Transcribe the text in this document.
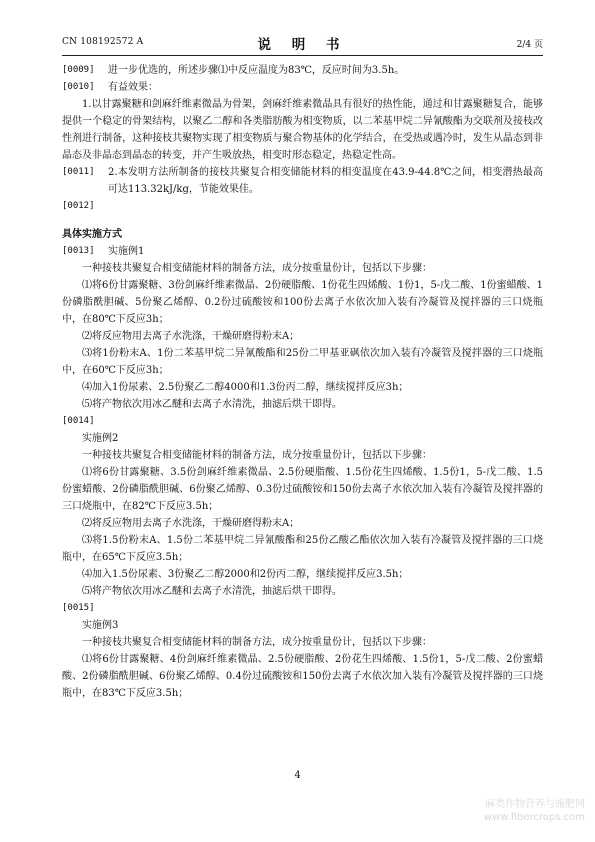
CN 108192572 A	说 明 书	2/4 页
[0009]	进一步优选的，所述步骤⑴中反应温度为83℃，反应时间为3.5h。
[0010]	有益效果：
1.以甘露聚糖和剑麻纤维素微晶为骨架，剑麻纤维素微晶具有很好的热性能，通过和甘露聚糖复合，能够提供一个稳定的骨架结构，以聚乙二醇和各类脂肪酸为相变物质，以二苯基甲烷二异氰酸酯为交联剂及接枝改性剂进行制备，这种接枝共聚物实现了相变物质与聚合物基体的化学结合，在受热或遇冷时，发生从晶态到非晶态及非晶态到晶态的转变，并产生吸放热，相变时形态稳定，热稳定性高。
[0011]	2.本发明方法所制备的接枝共聚复合相变储能材料的相变温度在43.9-44.8℃之间，相变潜热最高可达113.32kJ/kg，节能效果佳。
[0012]
具体实施方式
[0013]	实施例1
一种接枝共聚复合相变储能材料的制备方法，成分按重量份计，包括以下步骤：
⑴将6份甘露聚糖、3份剑麻纤维素微晶、2份硬脂酸、1份花生四烯酸、1份1，5-戊二酸、1份蜜蜡酸、1份磷脂酰胆碱、5份聚乙烯醇、0.2份过硫酸铵和100份去离子水依次加入装有冷凝管及搅拌器的三口烧瓶中，在80℃下反应3h；
⑵将反应物用去离子水洗涤，干燥研磨得粉末A；
⑶将1份粉末A、1份二苯基甲烷二异氰酸酯和25份二甲基亚砜依次加入装有冷凝管及搅拌器的三口烧瓶中，在60℃下反应3h；
⑷加入1份尿素、2.5份聚乙二醇4000和1.3份丙二醇，继续搅拌反应3h；
⑸将产物依次用冰乙醚和去离子水清洗，抽滤后烘干即得。
[0014]
实施例2
一种接枝共聚复合相变储能材料的制备方法，成分按重量份计，包括以下步骤：
⑴将6份甘露聚糖、3.5份剑麻纤维素微晶、2.5份硬脂酸、1.5份花生四烯酸、1.5份1，5-戊二酸、1.5份蜜蜡酸、2份磷脂酰胆碱、6份聚乙烯醇、0.3份过硫酸铵和150份去离子水依次加入装有冷凝管及搅拌器的三口烧瓶中，在82℃下反应3.5h；
⑵将反应物用去离子水洗涤，干燥研磨得粉末A；
⑶将1.5份粉末A、1.5份二苯基甲烷二异氰酸酯和25份乙酸乙酯依次加入装有冷凝管及搅拌器的三口烧瓶中，在65℃下反应3.5h；
⑷加入1.5份尿素、3份聚乙二醇2000和2份丙二醇，继续搅拌反应3.5h；
⑸将产物依次用冰乙醚和去离子水清洗，抽滤后烘干即得。
[0015]
实施例3
一种接枝共聚复合相变储能材料的制备方法，成分按重量份计，包括以下步骤：
⑴将6份甘露聚糖、4份剑麻纤维素微晶、2.5份硬脂酸、2份花生四烯酸、1.5份1，5-戊二酸、2份蜜蜡酸、2份磷脂酰胆碱、6份聚乙烯醇、0.4份过硫酸铵和150份去离子水依次加入装有冷凝管及搅拌器的三口烧瓶中，在83℃下反应3.5h；
4
麻类作物营养与施肥网
www.fibercrops.com
